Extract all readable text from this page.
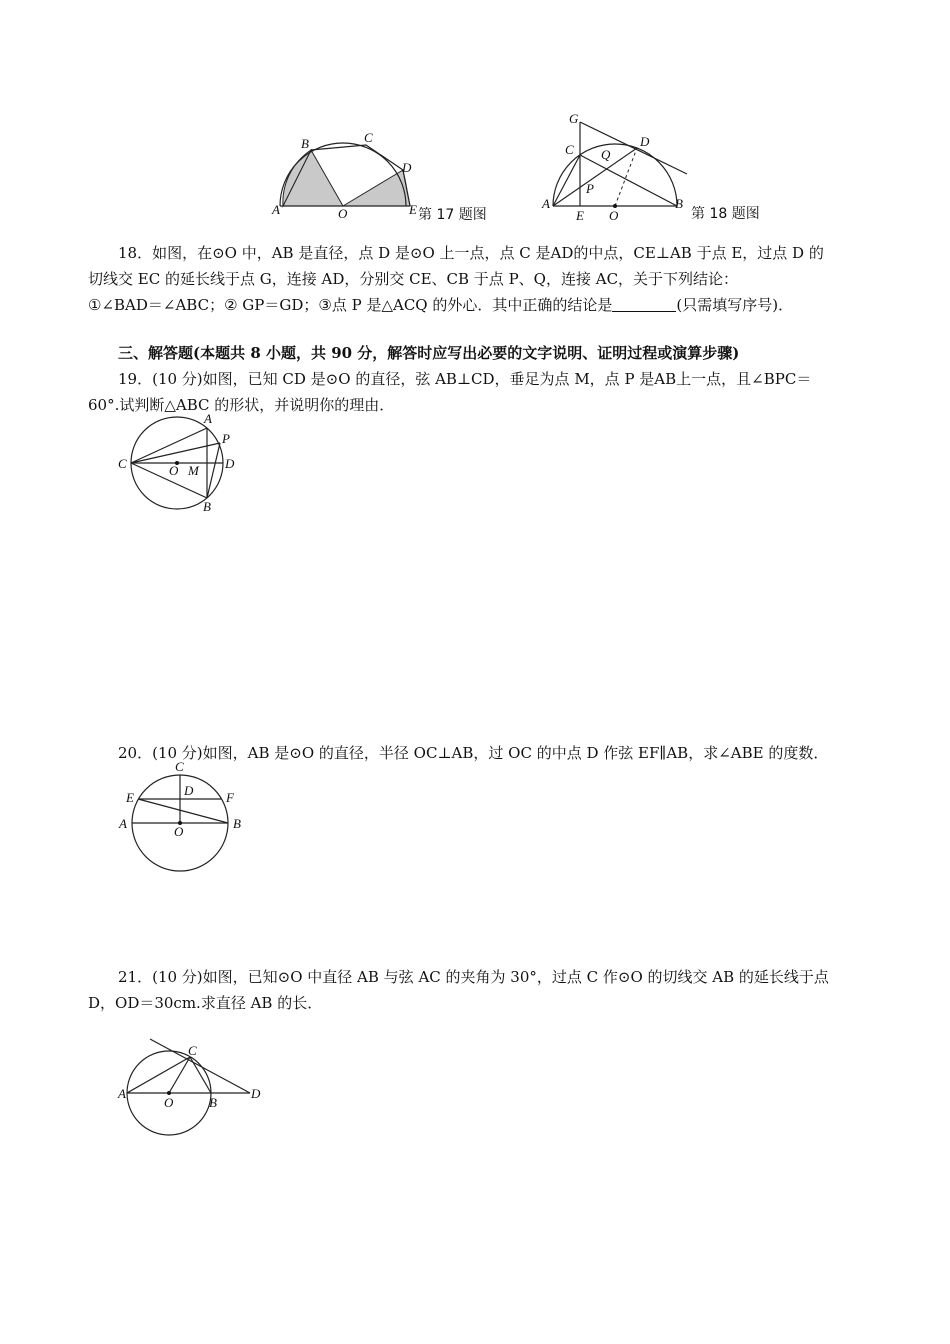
A
B	C
D
O	E 第 17 题图
G
C
D
Q
P
A
E O
B
第 18 题图
18．如图，在⊙O 中，AB 是直径，点 D 是⊙O 上一点，点 C 是AD的中点，CE⊥AB 于点 E，过点 D 的
切线交 EC 的延长线于点 G，连接 AD，分别交 CE、CB 于点 P、Q，连接 AC，关于下列结论：
①∠BAD＝∠ABC；② GP＝GD；③点 P 是△ACQ 的外心．其中正确的结论是	(只需填写序号)．
三、解答题(本题共 8 小题，共 90 分，解答时应写出必要的文字说明、证明过程或演算步骤)
19．(10 分)如图，已知 CD 是⊙O 的直径，弦 AB⊥CD，垂足为点 M，点 P 是AB上一点，且∠BPC＝
60°.试判断△ABC 的形状，并说明你的理由．
A
P
C	O M D
B
20．(10 分)如图，AB 是⊙O 的直径，半径 OC⊥AB，过 OC 的中点 D 作弦 EF∥AB，求∠ABE 的度数．
C
D
E	F
A
O
B
21．(10 分)如图，已知⊙O 中直径 AB 与弦 AC 的夹角为 30°，过点 C 作⊙O 的切线交 AB 的延长线于点
D，OD＝30cm.求直径 AB 的长．
C
A
O	B
D
